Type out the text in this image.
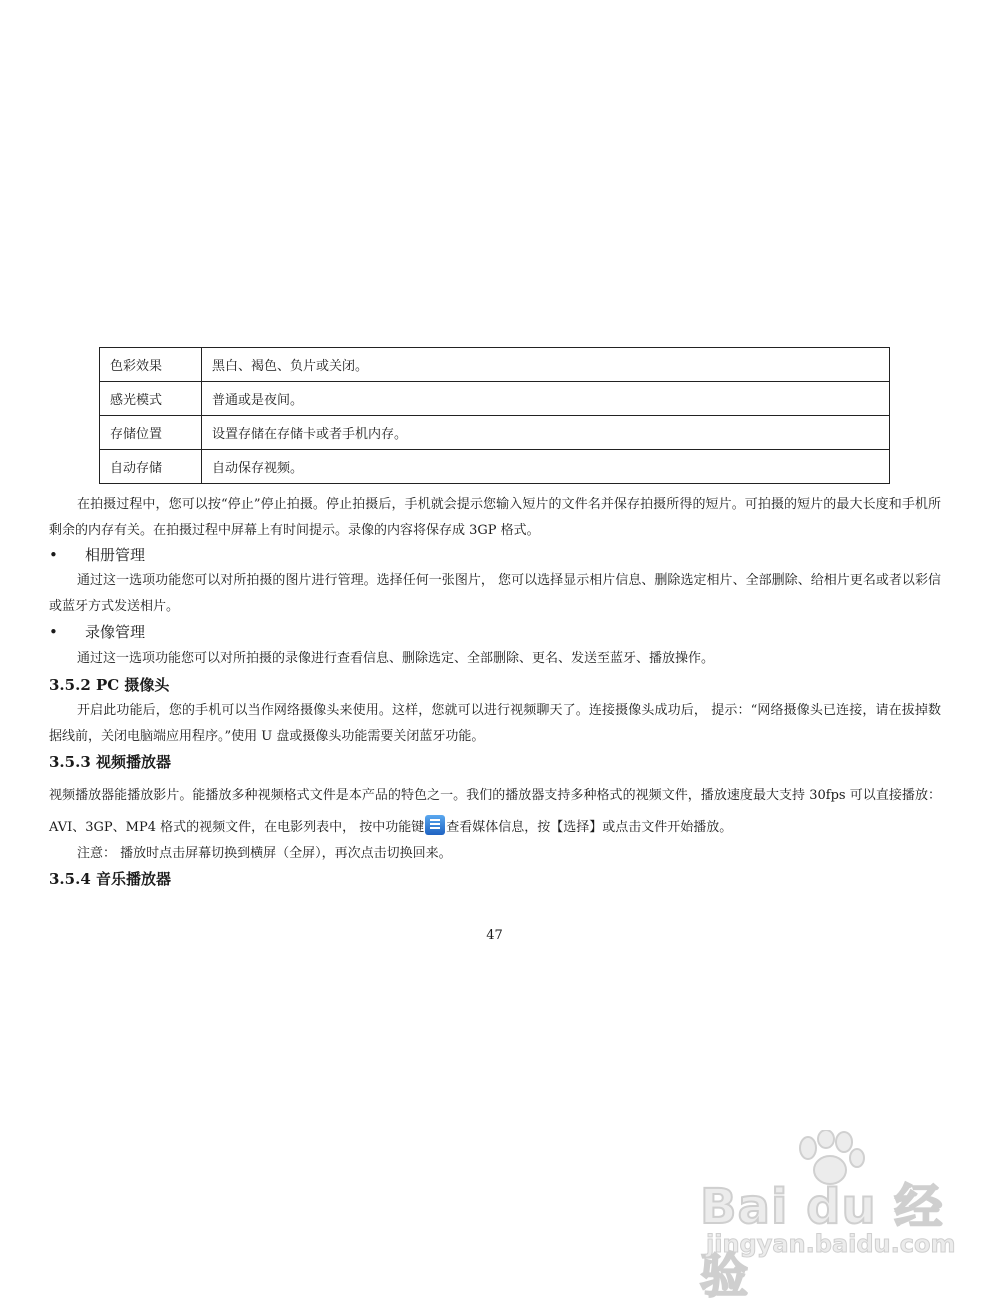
色彩效果	黑白、褐色、负片或关闭。
感光模式	普通或是夜间。
存储位置	设置存储在存储卡或者手机内存。
自动存储	自动保存视频。

在拍摄过程中，您可以按“停止”停止拍摄。停止拍摄后，手机就会提示您输入短片的文件名并保存拍摄所得的短片。可拍摄的短片的最大长度和手机所剩余的内存有关。在拍摄过程中屏幕上有时间提示。录像的内容将保存成 3GP 格式。

• 相册管理

通过这一选项功能您可以对所拍摄的图片进行管理。选择任何一张图片， 您可以选择显示相片信息、删除选定相片、全部删除、给相片更名或者以彩信或蓝牙方式发送相片。

• 录像管理

通过这一选项功能您可以对所拍摄的录像进行查看信息、删除选定、全部删除、更名、发送至蓝牙、播放操作。

3.5.2 PC 摄像头

开启此功能后，您的手机可以当作网络摄像头来使用。这样，您就可以进行视频聊天了。连接摄像头成功后， 提示：“网络摄像头已连接，请在拔掉数据线前，关闭电脑端应用程序。”使用 U 盘或摄像头功能需要关闭蓝牙功能。

3.5.3 视频播放器

视频播放器能播放影片。能播放多种视频格式文件是本产品的特色之一。我们的播放器支持多种格式的视频文件，播放速度最大支持 30fps 可以直接播放：AVI、3GP、MP4 格式的视频文件，在电影列表中， 按中功能键 查看媒体信息，按【选择】或点击文件开始播放。

注意： 播放时点击屏幕切换到横屏（全屏），再次点击切换回来。

3.5.4 音乐播放器
47
Bai du 经验
jingyan.baidu.com
